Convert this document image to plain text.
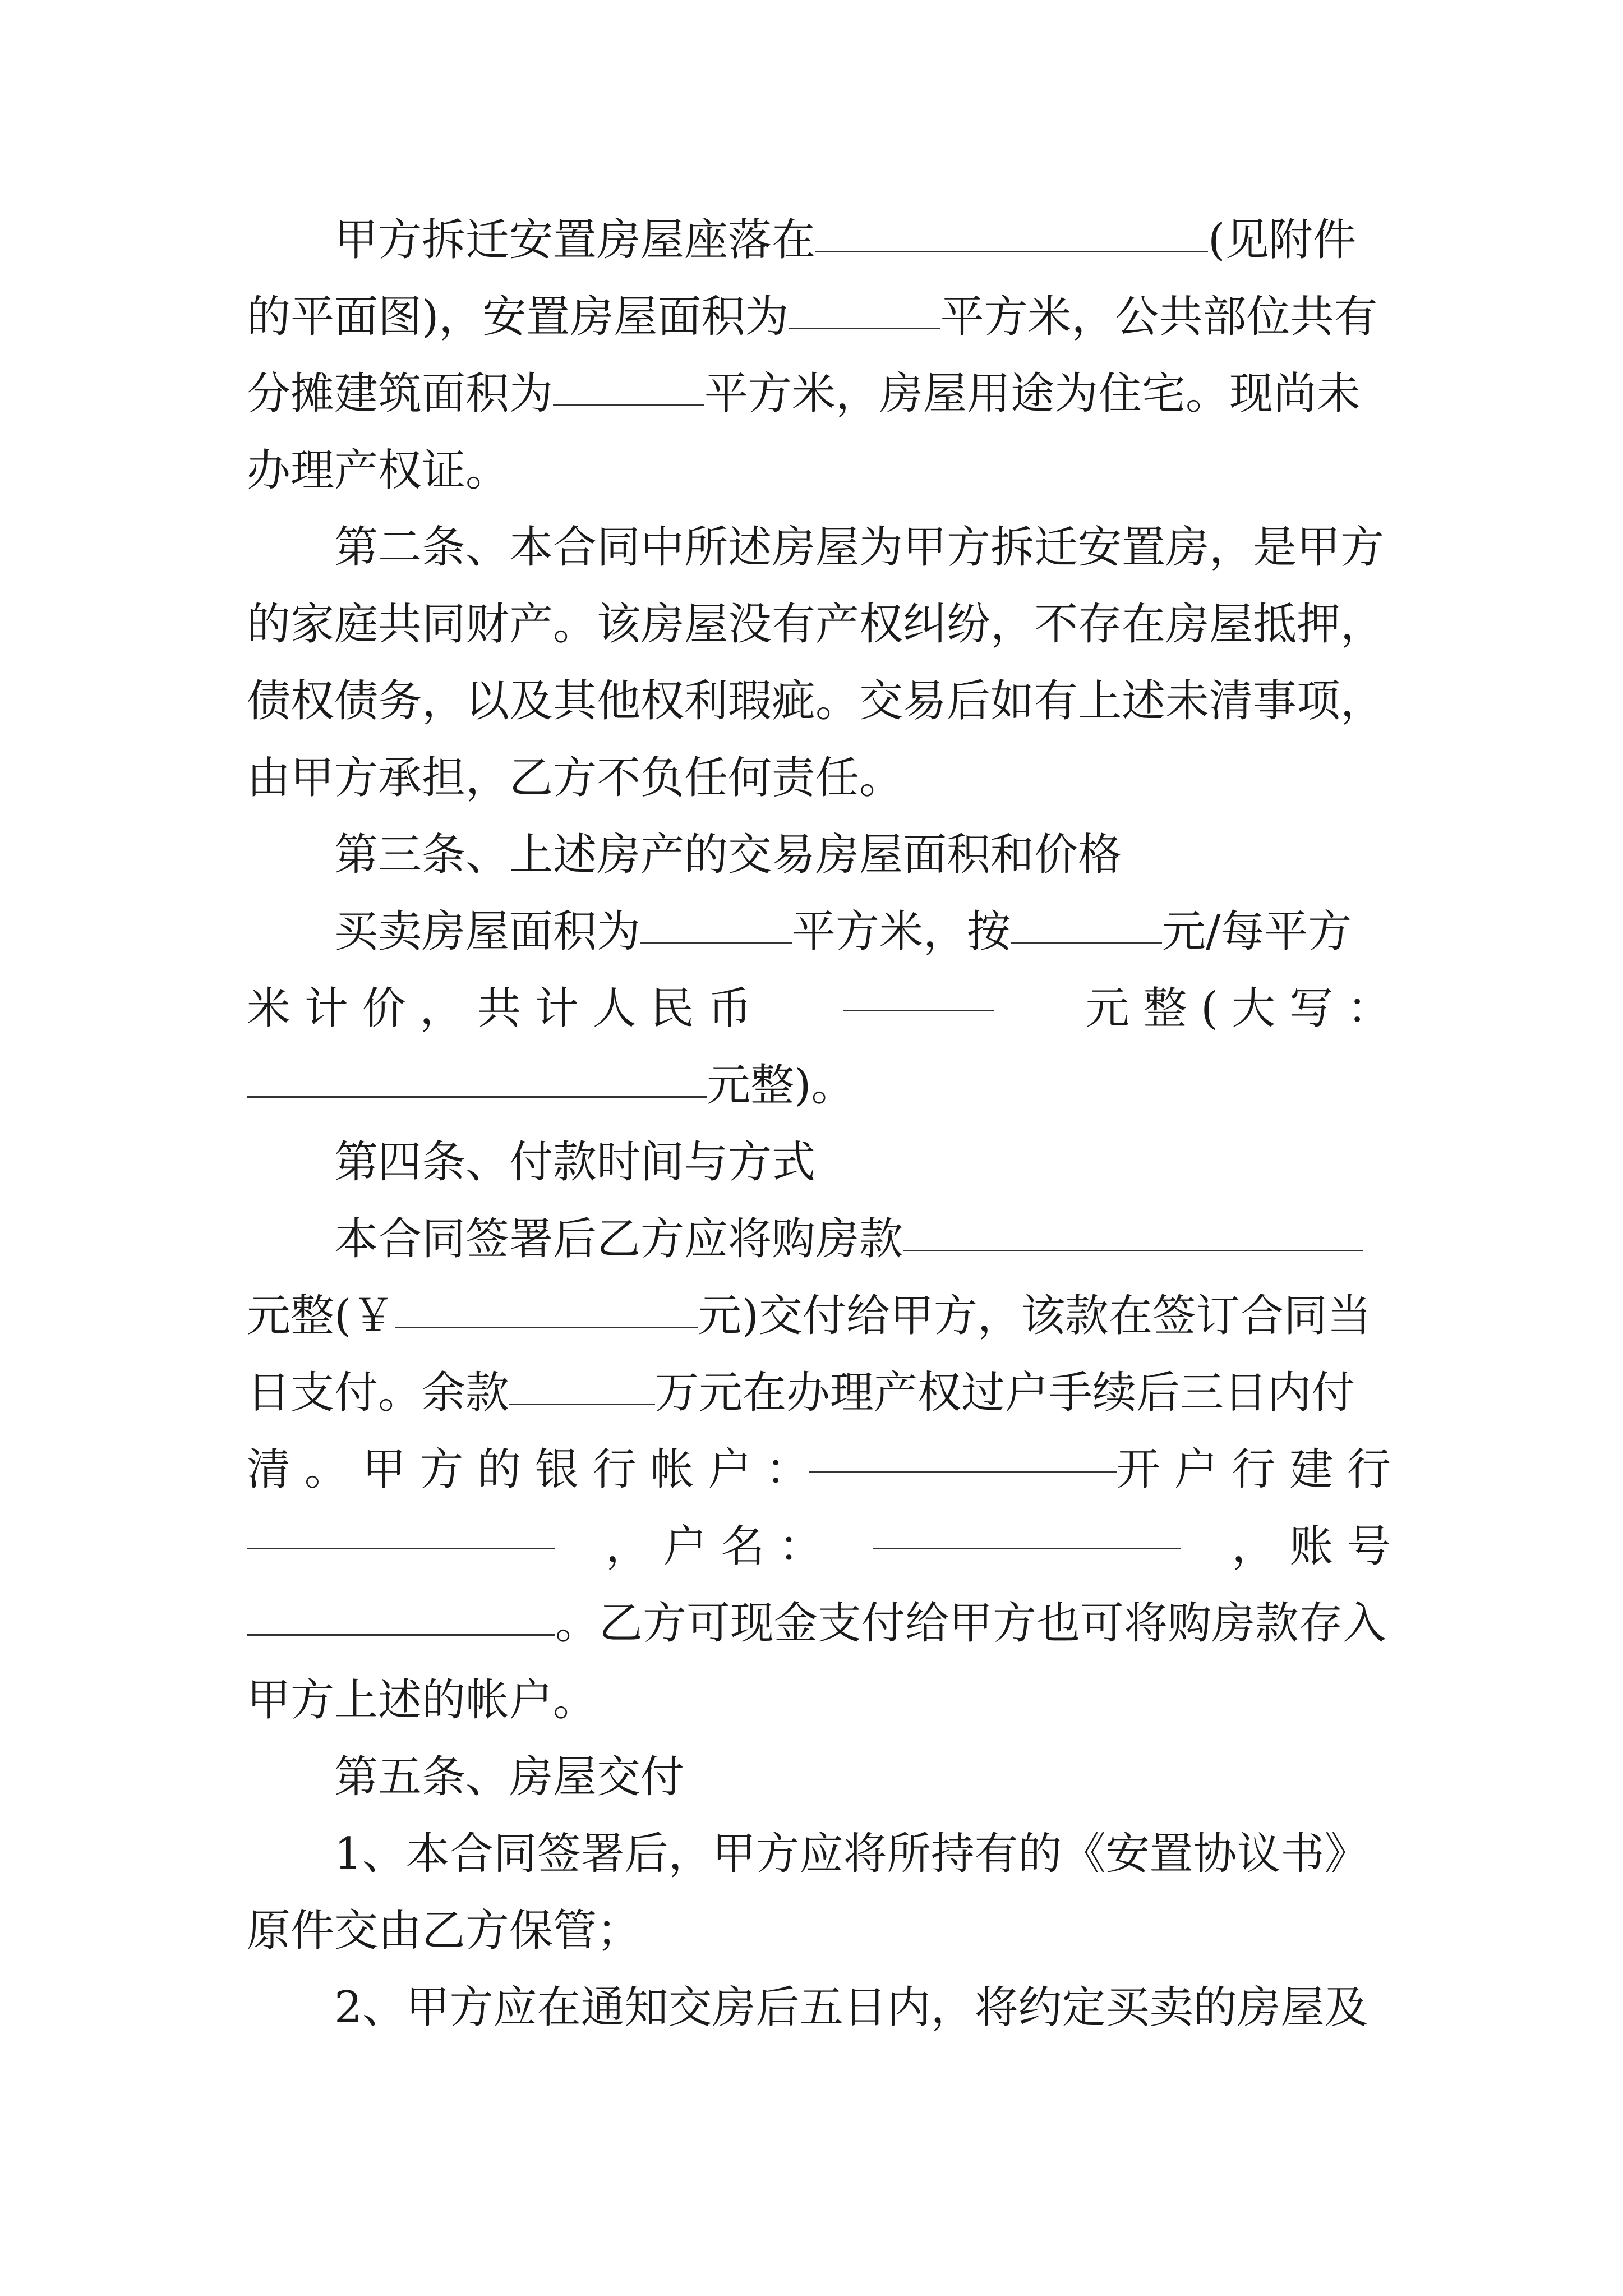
甲方拆迁安置房屋座落在	(见附件
的平面图)，安置房屋面积为	平方米，公共部位共有
分摊建筑面积为	平方米，房屋用途为住宅。现尚未
办理产权证。
第二条、本合同中所述房屋为甲方拆迁安置房，是甲方
的家庭共同财产。该房屋没有产权纠纷，不存在房屋抵押，
债权债务，以及其他权利瑕疵。交易后如有上述未清事项，
由甲方承担，乙方不负任何责任。
第三条、上述房产的交易房屋面积和价格
买卖房屋面积为	平方米，按	元/每平方
米 计 价 ， 共 计 人 民 币	元 整 ( 大 写 ：
元整)。
第四条、付款时间与方式
本合同签署后乙方应将购房款
元整(￥	元)交付给甲方，该款在签订合同当
日支付。余款	万元在办理产权过户手续后三日内付
清 。 甲 方 的 银 行 帐 户 ：	开 户 行 建 行
， 户 名 ：	， 账 号
。乙方可现金支付给甲方也可将购房款存入
甲方上述的帐户。
第五条、房屋交付
1、本合同签署后，甲方应将所持有的《安置协议书》
原件交由乙方保管；
2、甲方应在通知交房后五日内，将约定买卖的房屋及
